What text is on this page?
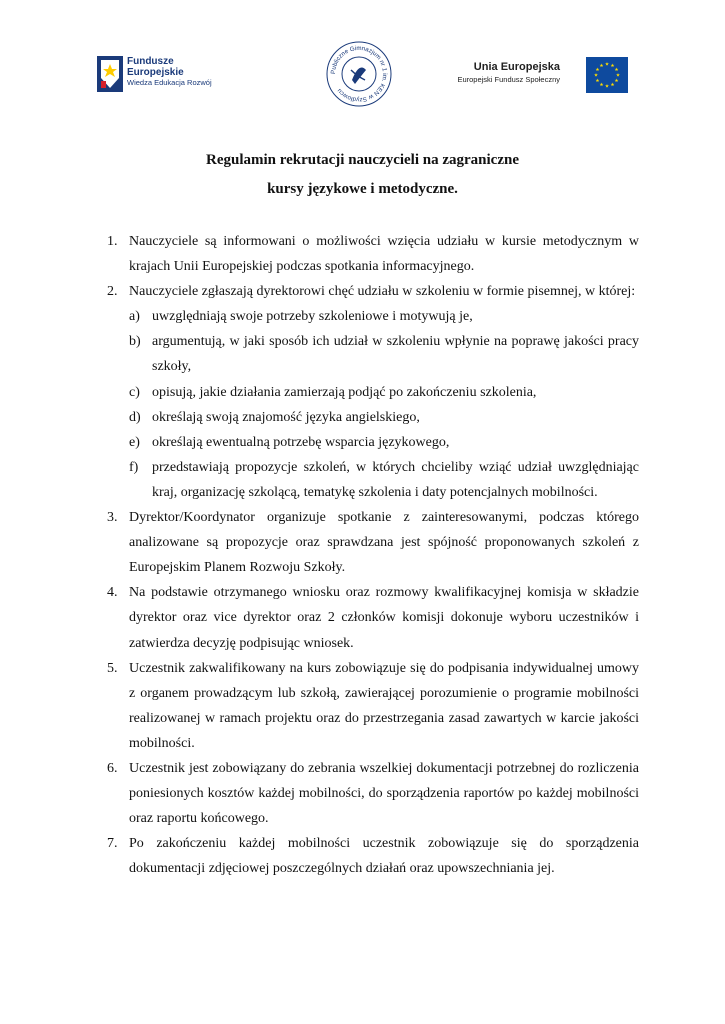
Fundusze
Europejskie
Wiedza Edukacja Rozwój
Publiczne Gimnazjum nr 1 im. KEN w Szydłowcu
Unia Europejska
Europejski Fundusz Społeczny
Regulamin rekrutacji nauczycieli na zagraniczne
kursy językowe i metodyczne.
1. Nauczyciele są informowani o możliwości wzięcia udziału w kursie metodycznym w krajach Unii Europejskiej podczas spotkania informacyjnego.
2. Nauczyciele zgłaszają dyrektorowi chęć udziału w szkoleniu w formie pisemnej, w której:
a) uwzględniają swoje potrzeby szkoleniowe i motywują je,
b) argumentują, w jaki sposób ich udział w szkoleniu wpłynie na poprawę jakości pracy szkoły,
c) opisują, jakie działania zamierzają podjąć po zakończeniu szkolenia,
d) określają swoją znajomość języka angielskiego,
e) określają ewentualną potrzebę wsparcia językowego,
f) przedstawiają propozycje szkoleń, w których chcieliby wziąć udział uwzględniając kraj, organizację szkolącą, tematykę szkolenia i daty potencjalnych mobilności.
3. Dyrektor/Koordynator organizuje spotkanie z zainteresowanymi, podczas którego analizowane są propozycje oraz sprawdzana jest spójność proponowanych szkoleń z Europejskim Planem Rozwoju Szkoły.
4. Na podstawie otrzymanego wniosku oraz rozmowy kwalifikacyjnej komisja w składzie dyrektor oraz vice dyrektor oraz 2 członków komisji dokonuje wyboru uczestników i zatwierdza decyzję podpisując wniosek.
5. Uczestnik zakwalifikowany na kurs zobowiązuje się do podpisania indywidualnej umowy z organem prowadzącym lub szkołą, zawierającej porozumienie o programie mobilności realizowanej w ramach projektu oraz do przestrzegania zasad zawartych w karcie jakości mobilności.
6. Uczestnik jest zobowiązany do zebrania wszelkiej dokumentacji potrzebnej do rozliczenia poniesionych kosztów każdej mobilności, do sporządzenia raportów po każdej mobilności oraz raportu końcowego.
7. Po zakończeniu każdej mobilności uczestnik zobowiązuje się do sporządzenia dokumentacji zdjęciowej poszczególnych działań oraz upowszechniania jej.
